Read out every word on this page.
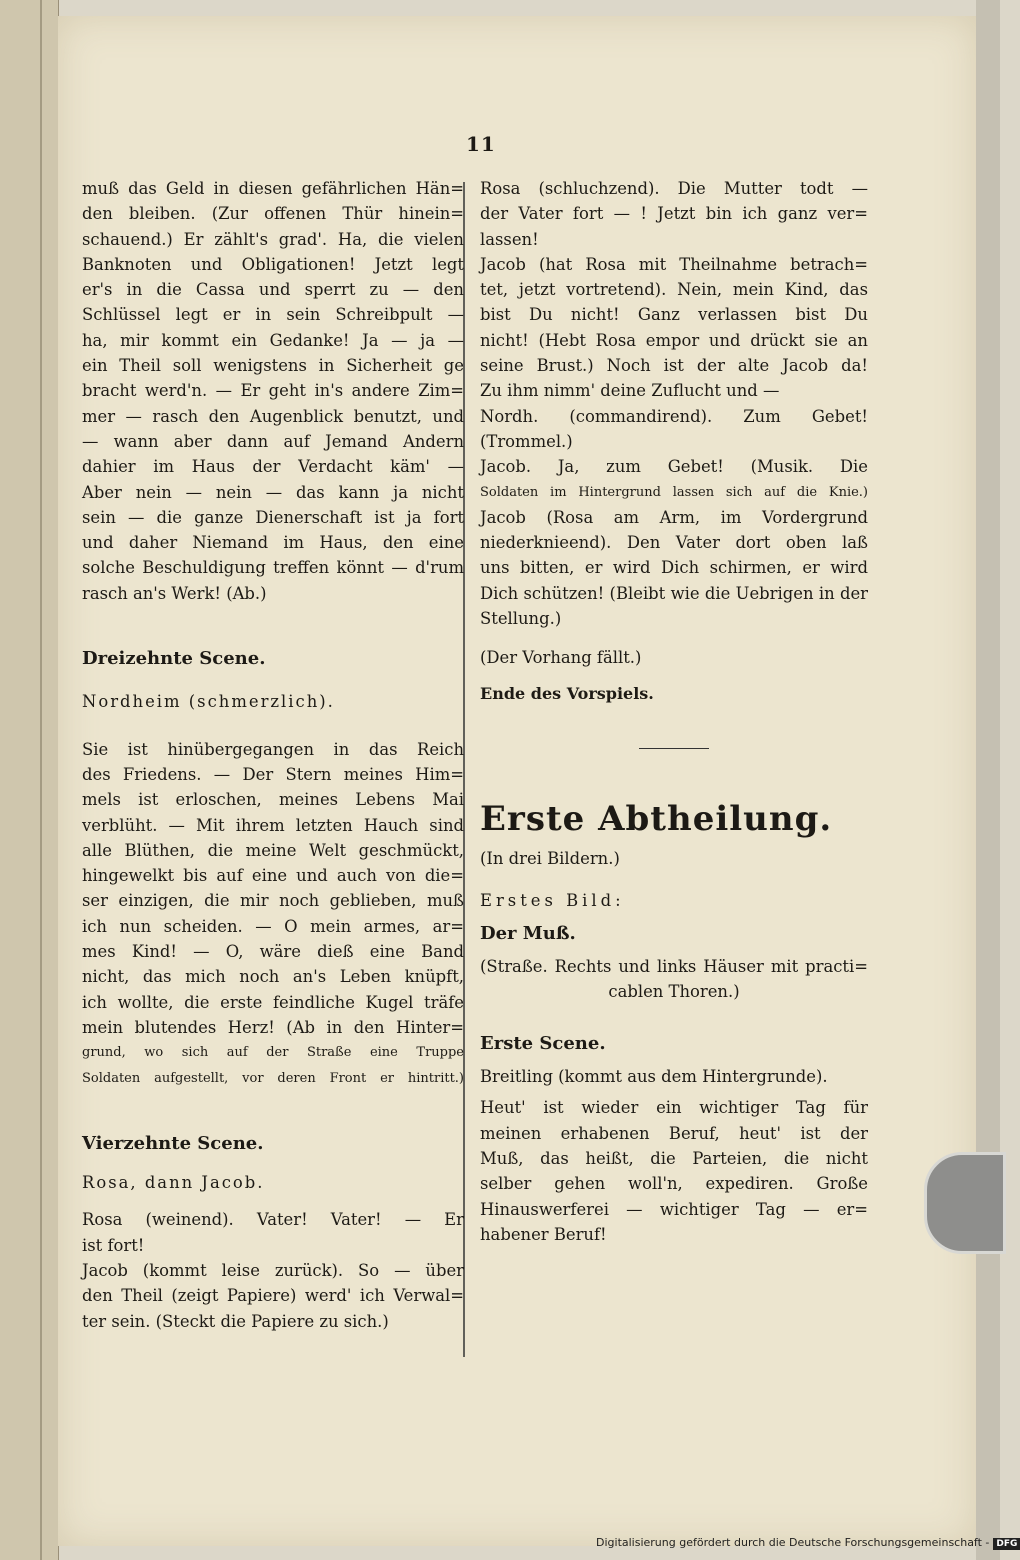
11
muß das Geld in diesen gefährlichen Hän=
den bleiben. (Zur offenen Thür hinein=
schauend.) Er zählt's grad'. Ha, die vielen
Banknoten und Obligationen! Jetzt legt
er's in die Cassa und sperrt zu — den
Schlüssel legt er in sein Schreibpult —
ha, mir kommt ein Gedanke! Ja — ja —
ein Theil soll wenigstens in Sicherheit ge
bracht werd'n. — Er geht in's andere Zim=
mer — rasch den Augenblick benutzt, und
— wann aber dann auf Jemand Andern
dahier im Haus der Verdacht käm' —
Aber nein — nein — das kann ja nicht
sein — die ganze Dienerschaft ist ja fort
und daher Niemand im Haus, den eine
solche Beschuldigung treffen könnt — d'rum
rasch an's Werk! (Ab.)

Dreizehnte Scene.

Nordheim (schmerzlich).

Sie ist hinübergegangen in das Reich
des Friedens. — Der Stern meines Him=
mels ist erloschen, meines Lebens Mai
verblüht. — Mit ihrem letzten Hauch sind
alle Blüthen, die meine Welt geschmückt,
hingewelkt bis auf eine und auch von die=
ser einzigen, die mir noch geblieben, muß
ich nun scheiden. — O mein armes, ar=
mes Kind! — O, wäre dieß eine Band
nicht, das mich noch an's Leben knüpft,
ich wollte, die erste feindliche Kugel träfe
mein blutendes Herz! (Ab in den Hinter=
grund, wo sich auf der Straße eine Truppe
Soldaten aufgestellt, vor deren Front er hintritt.)

Vierzehnte Scene.

Rosa, dann Jacob.

Rosa (weinend). Vater! Vater! — Er
ist fort!
Jacob (kommt leise zurück). So — über
den Theil (zeigt Papiere) werd' ich Verwal=
ter sein. (Steckt die Papiere zu sich.)
Rosa (schluchzend). Die Mutter todt —
der Vater fort — ! Jetzt bin ich ganz ver=
lassen!
Jacob (hat Rosa mit Theilnahme betrach=
tet, jetzt vortretend). Nein, mein Kind, das
bist Du nicht! Ganz verlassen bist Du
nicht! (Hebt Rosa empor und drückt sie an
seine Brust.) Noch ist der alte Jacob da!
Zu ihm nimm' deine Zuflucht und —
Nordh. (commandirend). Zum Gebet!
(Trommel.)
Jacob. Ja, zum Gebet! (Musik. Die
Soldaten im Hintergrund lassen sich auf die Knie.)
Jacob (Rosa am Arm, im Vordergrund
niederknieend). Den Vater dort oben laß
uns bitten, er wird Dich schirmen, er wird
Dich schützen! (Bleibt wie die Uebrigen in der
Stellung.)

(Der Vorhang fällt.)

Ende des Vorspiels.

Erste Abtheilung.

(In drei Bildern.)

Erstes Bild:

Der Muß.

(Straße. Rechts und links Häuser mit practi=
cablen Thoren.)

Erste Scene.

Breitling (kommt aus dem Hintergrunde).

Heut' ist wieder ein wichtiger Tag für
meinen erhabenen Beruf, heut' ist der
Muß, das heißt, die Parteien, die nicht
selber gehen woll'n, expediren. Große
Hinauswerferei — wichtiger Tag — er=
habener Beruf!
Digitalisierung gefördert durch die Deutsche Forschungsgemeinschaft - DFG
